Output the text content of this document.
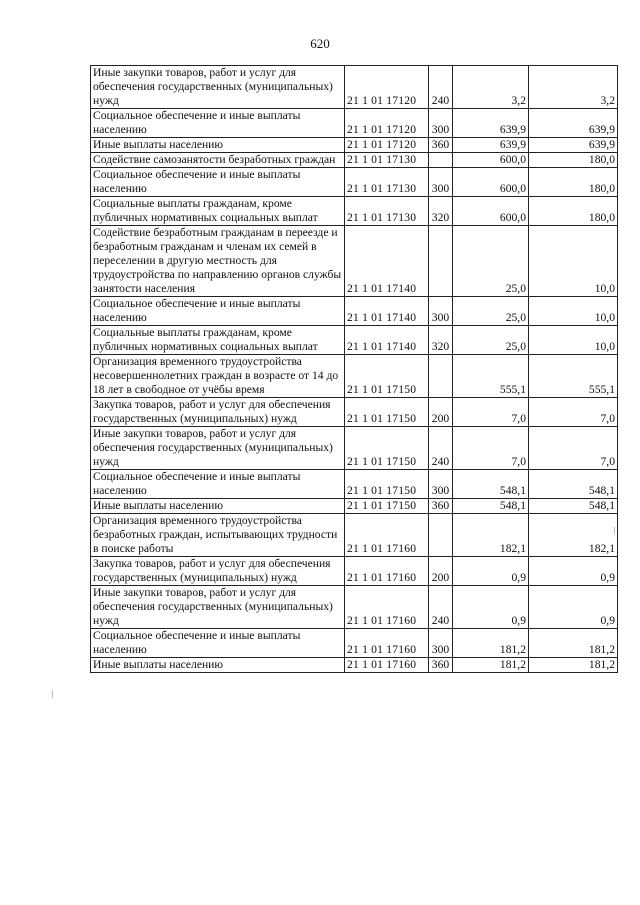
620
Иные закупки товаров, работ и услуг для обеспечения государственных (муниципальных) нужд	21 1 01 17120	240	3,2	3,2
Социальное обеспечение и иные выплаты населению	21 1 01 17120	300	639,9	639,9
Иные выплаты населению	21 1 01 17120	360	639,9	639,9
Содействие самозанятости безработных граждан	21 1 01 17130		600,0	180,0
Социальное обеспечение и иные выплаты населению	21 1 01 17130	300	600,0	180,0
Социальные выплаты гражданам, кроме публичных нормативных социальных выплат	21 1 01 17130	320	600,0	180,0
Содействие безработным гражданам в переезде и безработным гражданам и членам их семей в переселении в другую местность для трудоустройства по направлению органов службы занятости населения	21 1 01 17140		25,0	10,0
Социальное обеспечение и иные выплаты населению	21 1 01 17140	300	25,0	10,0
Социальные выплаты гражданам, кроме публичных нормативных социальных выплат	21 1 01 17140	320	25,0	10,0
Организация временного трудоустройства несовершеннолетних граждан в возрасте от 14 до 18 лет в свободное от учёбы время	21 1 01 17150		555,1	555,1
Закупка товаров, работ и услуг для обеспечения государственных (муниципальных) нужд	21 1 01 17150	200	7,0	7,0
Иные закупки товаров, работ и услуг для обеспечения государственных (муниципальных) нужд	21 1 01 17150	240	7,0	7,0
Социальное обеспечение и иные выплаты населению	21 1 01 17150	300	548,1	548,1
Иные выплаты населению	21 1 01 17150	360	548,1	548,1
Организация временного трудоустройства безработных граждан, испытывающих трудности в поиске работы	21 1 01 17160		182,1	182,1
Закупка товаров, работ и услуг для обеспечения государственных (муниципальных) нужд	21 1 01 17160	200	0,9	0,9
Иные закупки товаров, работ и услуг для обеспечения государственных (муниципальных) нужд	21 1 01 17160	240	0,9	0,9
Социальное обеспечение и иные выплаты населению	21 1 01 17160	300	181,2	181,2
Иные выплаты населению	21 1 01 17160	360	181,2	181,2
